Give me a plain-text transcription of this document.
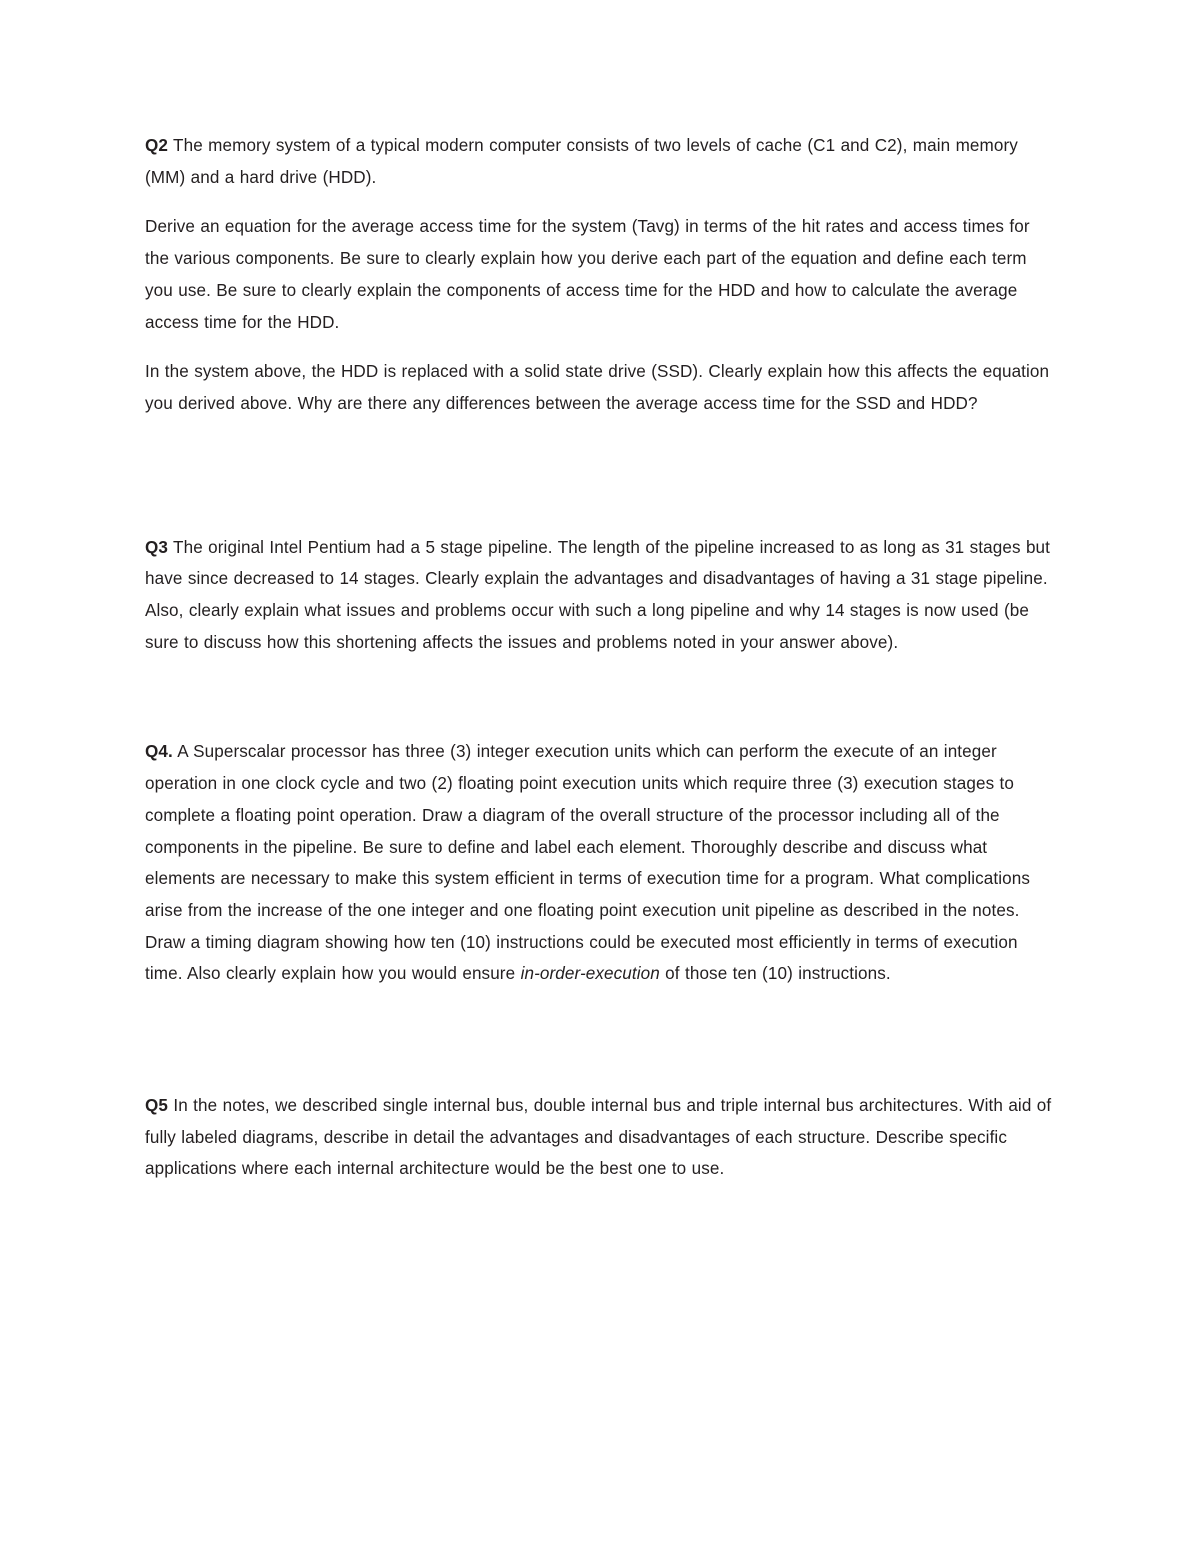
Q2 The memory system of a typical modern computer consists of two levels of cache (C1 and C2), main memory (MM) and a hard drive (HDD).

Derive an equation for the average access time for the system (Tavg) in terms of the hit rates and access times for the various components. Be sure to clearly explain how you derive each part of the equation and define each term you use. Be sure to clearly explain the components of access time for the HDD and how to calculate the average access time for the HDD.

In the system above, the HDD is replaced with a solid state drive (SSD). Clearly explain how this affects the equation you derived above. Why are there any differences between the average access time for the SSD and HDD?

Q3 The original Intel Pentium had a 5 stage pipeline. The length of the pipeline increased to as long as 31 stages but have since decreased to 14 stages. Clearly explain the advantages and disadvantages of having a 31 stage pipeline. Also, clearly explain what issues and problems occur with such a long pipeline and why 14 stages is now used (be sure to discuss how this shortening affects the issues and problems noted in your answer above).

Q4. A Superscalar processor has three (3) integer execution units which can perform the execute of an integer operation in one clock cycle and two (2) floating point execution units which require three (3) execution stages to complete a floating point operation. Draw a diagram of the overall structure of the processor including all of the components in the pipeline. Be sure to define and label each element. Thoroughly describe and discuss what elements are necessary to make this system efficient in terms of execution time for a program. What complications arise from the increase of the one integer and one floating point execution unit pipeline as described in the notes. Draw a timing diagram showing how ten (10) instructions could be executed most efficiently in terms of execution time. Also clearly explain how you would ensure in-order-execution of those ten (10) instructions.

Q5 In the notes, we described single internal bus, double internal bus and triple internal bus architectures. With aid of fully labeled diagrams, describe in detail the advantages and disadvantages of each structure. Describe specific applications where each internal architecture would be the best one to use.
